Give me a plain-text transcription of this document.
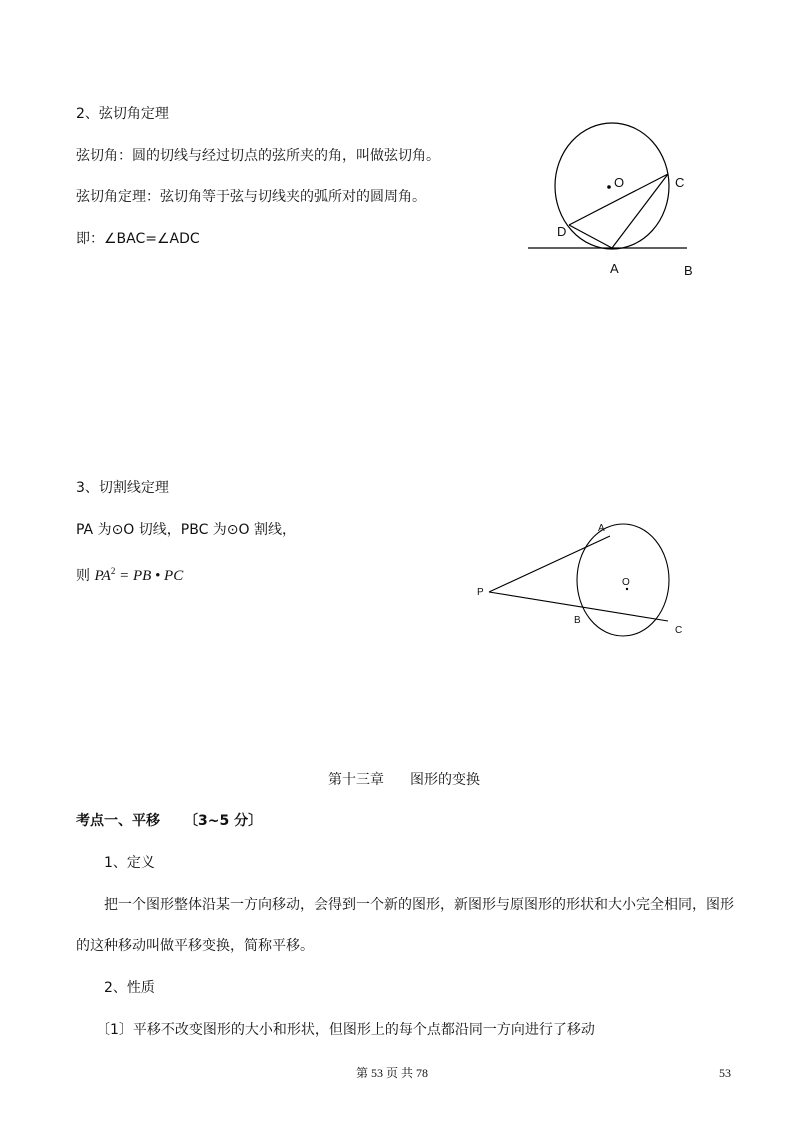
2、弦切角定理
弦切角：圆的切线与经过切点的弦所夹的角，叫做弦切角。
弦切角定理：弦切角等于弦与切线夹的弧所对的圆周角。
即：∠BAC=∠ADC
O	C
D
A	B
A
O
P
B
C
3、切割线定理
PA 为⊙O 切线，PBC 为⊙O 割线，
则 $PA^2$ = PB • PC
第十三章 图形的变换
考点一、平移 〔3~5 分〕
1、定义
把一个图形整体沿某一方向移动，会得到一个新的图形，新图形与原图形的形状和大小完全相同，图形
的这种移动叫做平移变换，简称平移。
2、性质
〔1〕平移不改变图形的大小和形状，但图形上的每个点都沿同一方向进行了移动
第 53 页 共 78	53
